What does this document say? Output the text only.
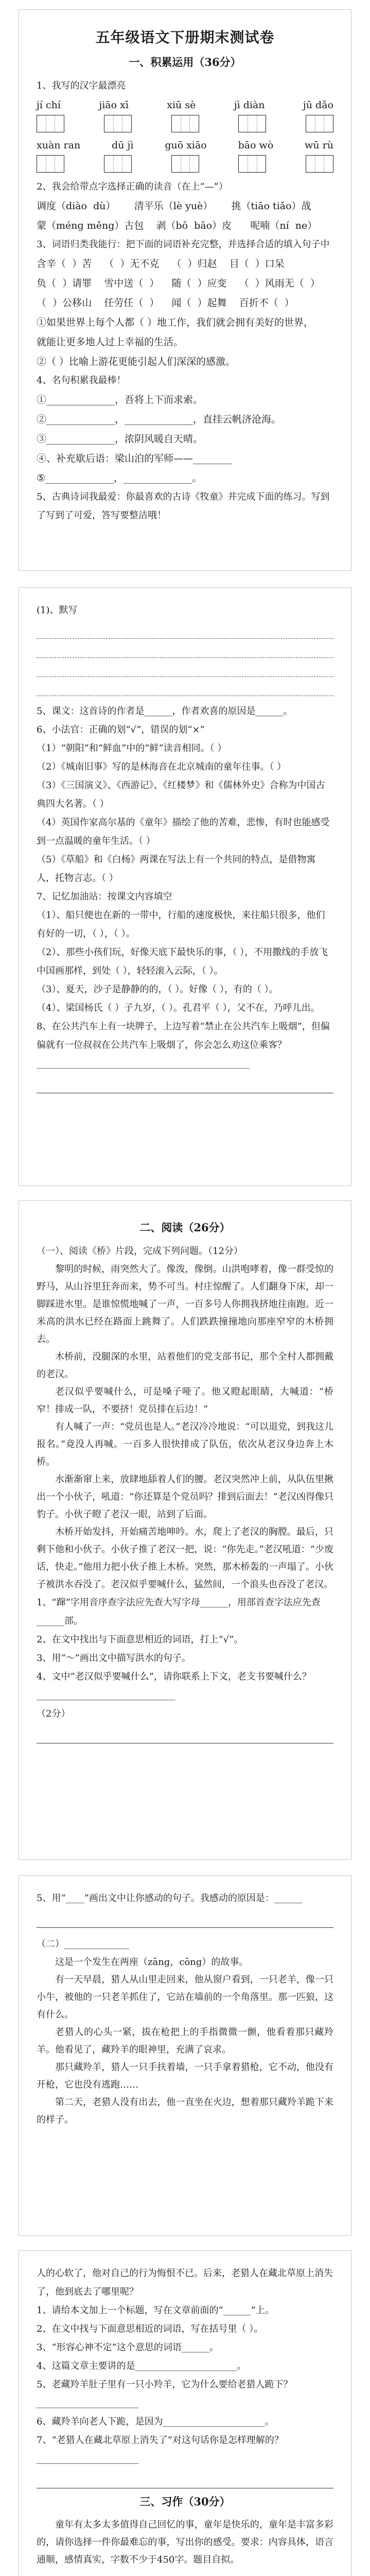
五年级语文下册期末测试卷
一、积累运用（36分）

1、我写的汉字最漂亮

jí chí	jiāo xī	xiū sè	jì diàn	jū dǎo
xuàn ran	dū jì	guō xiāo	bāo wò	wū rù

2、我会给带点字选择正确的读音（在上“—”）

调度（diào  dù）      清平乐（lè yuè）      挑（tiāo tiǎo）战

蒙（méng měng）古包    剥（bō  bāo）皮      呢喃（ní  ne）

3、词语归类我能行：把下面的词语补充完整，并选择合适的填入句子中

含辛（  ）苦    （  ）无不克    （  ）归赵    目（  ）口呆

负（  ）请罪    雪中送（  ）    随（  ）应变    （  ）风雨无（  ）

（  ）公移山    任劳任（  ）    闻（  ）起舞    百折不（  ）

①如果世界上每个人都（ ）地工作，我们就会拥有美好的世界，

就能让更多地人过上幸福的生活。

②（ ）比喻上游花更能引起人们深深的感激。

4、名句积累我最棒！

①______________，吾将上下而求索。

②______________，______________，直挂云帆济沧海。

③______________，浓阴风暖自天晴。

④、补充歇后语：梁山泊的军师——________

⑤______________，______________。

5、古典诗词我最爱：你最喜欢的古诗《牧童》并完成下面的练习。写到了写到了可爱，答写要整洁哦！

(1)、默写

5、课文：这首诗的作者是______，作者欢喜的原因是______。

6、小法官：正确的划“√”，错误的划“×”

（1）“朝阳”和“鲜血”中的“鲜”读音相同。（ ）

（2）《城南旧事》写的是林海音在北京城南的童年往事。（ ）

（3）《三国演义》、《西游记》、《红楼梦》和《儒林外史》合称为中国古典四大名著。（ ）

（4）英国作家高尔基的《童年》描绘了他的苦难，悲惨，有时也能感受到一点温暖的童年生活。（ ）

（5）《草船》和《白杨》两课在写法上有一个共同的特点，是借物寓人，托物言志。（ ）

7、记忆加油站：按课文内容填空

（1）、船只便也在新的一带中，行船的速度极快，来往船只很多，他们有好的一切，（ ），（ ）。

（2）、那些小孩们玩，好像天底下最快乐的事，（ ），不用撒线的手放飞中国画那样，到处（ ），轻轻滚入云际，（ ）。

（3）、夏天，沙子是静静的的，（ ）。好像（ ），有的（ ）。

（4）、梁国杨氏（ ）子九岁，（ ）。孔君平（ ），父不在，乃呼儿出。

8、在公共汽车上有一块牌子，上边写着“禁止在公共汽车上吸烟”，但偏偏就有一位叔叔在公共汽车上吸烟了，你会怎么劝这位乘客？______________________________________________

二、阅读（26分）

（一）、阅读《桥》片段，完成下列问题。（12分）

黎明的时候，雨突然大了。像泼，像倒。山洪咆哮着，像一群受惊的野马，从山谷里狂奔而来，势不可当。村庄惊醒了。人们翻身下床，却一脚踩进水里。是谁惊慌地喊了一声，一百多号人你拥我挤地往南跑。近一米高的洪水已经在路面上跳舞了。人们跌跌撞撞地向那座窄窄的木桥拥去。

木桥前，没腿深的水里，站着他们的党支部书记，那个全村人都拥戴的老汉。

老汉似乎要喊什么，可是嗓子哑了。他又瞪起眼睛，大喊道：“桥窄！排成一队，不要挤！党员排在后边！”

有人喊了一声：“党员也是人。”老汉冷冷地说：“可以退党，到我这儿报名。”竟没人再喊。一百多人很快排成了队伍，依次从老汉身边奔上木桥。

水渐渐窜上来，放肆地舔着人们的腰。老汉突然冲上前，从队伍里揪出一个小伙子，吼道：“你还算是个党员吗？排到后面去！”老汉凶得像只豹子。小伙子瞪了老汉一眼，站到了后面。

木桥开始发抖，开始痛苦地呻吟。水，爬上了老汉的胸膛。最后，只剩下他和小伙子。小伙子推了老汉一把，说：“你先走。”老汉吼道：“少废话，快走。”他用力把小伙子推上木桥。突然，那木桥轰的一声塌了。小伙子被洪水吞没了。老汉似乎要喊什么，猛然间，一个浪头也吞没了老汉。

1、“蹿”字用音序查字法应先查大写字母______，用部首查字法应先查______部。

2、在文中找出与下面意思相近的词语，打上“√”。

3、用“～”画出文中描写洪水的句子。

4、文中“老汉似乎要喊什么”，请你联系上下文，老支书要喊什么？______________________________

（2分）

5、用“____”画出文中让你感动的句子。我感动的原因是：______

（二）______________

这是一个发生在两座（zāng，cōng）的故事。

有一天早晨，猎人从山里走回来，他从窗户看到，一只老羊，像一只小牛，被他的一只老羊抓住了，它站在墙前的一个角落里。那一匹狼，这有什么。

老猎人的心头一紧，拔在枪把上的手指微微一颤，他看着那只藏羚羊。他看见了，藏羚羊的眼神里，充满了哀求。

那只藏羚羊，猎人一只手扶着墙，一只手拿着猎枪，它不动，他没有开枪，它也没有逃跑……

第二天，老猎人没有出去，他一直坐在火边，想着那只藏羚羊跪下来的样子。

人的心软了，他对自己的行为悔恨不已。后来，老猎人在藏北草原上消失了，他到底去了哪里呢？

1、请给本文加上一个标题，写在文章前面的“______”上。

2、在文中找与下面意思相近的词语，写在括号里（ ）。

3、“形容心神不定”这个意思的词语______。

4、这篇文章主要讲的是______________________。

5、老藏羚羊肚子里有一只小羚羊，它为什么要给老猎人跪下？______________________

6、藏羚羊向老人下跪，是因为______________________。

7、“老猎人在藏北草原上消失了”对这句话你是怎样理解的？______________________

三、习作（30分）

童年有太多太多值得自己回忆的事，童年是快乐的，童年是丰富多彩的，请你选择一件你最难忘的事，写出你的感受。要求：内容具体，语言通顺，感情真实，字数不少于450字。题目自拟。
